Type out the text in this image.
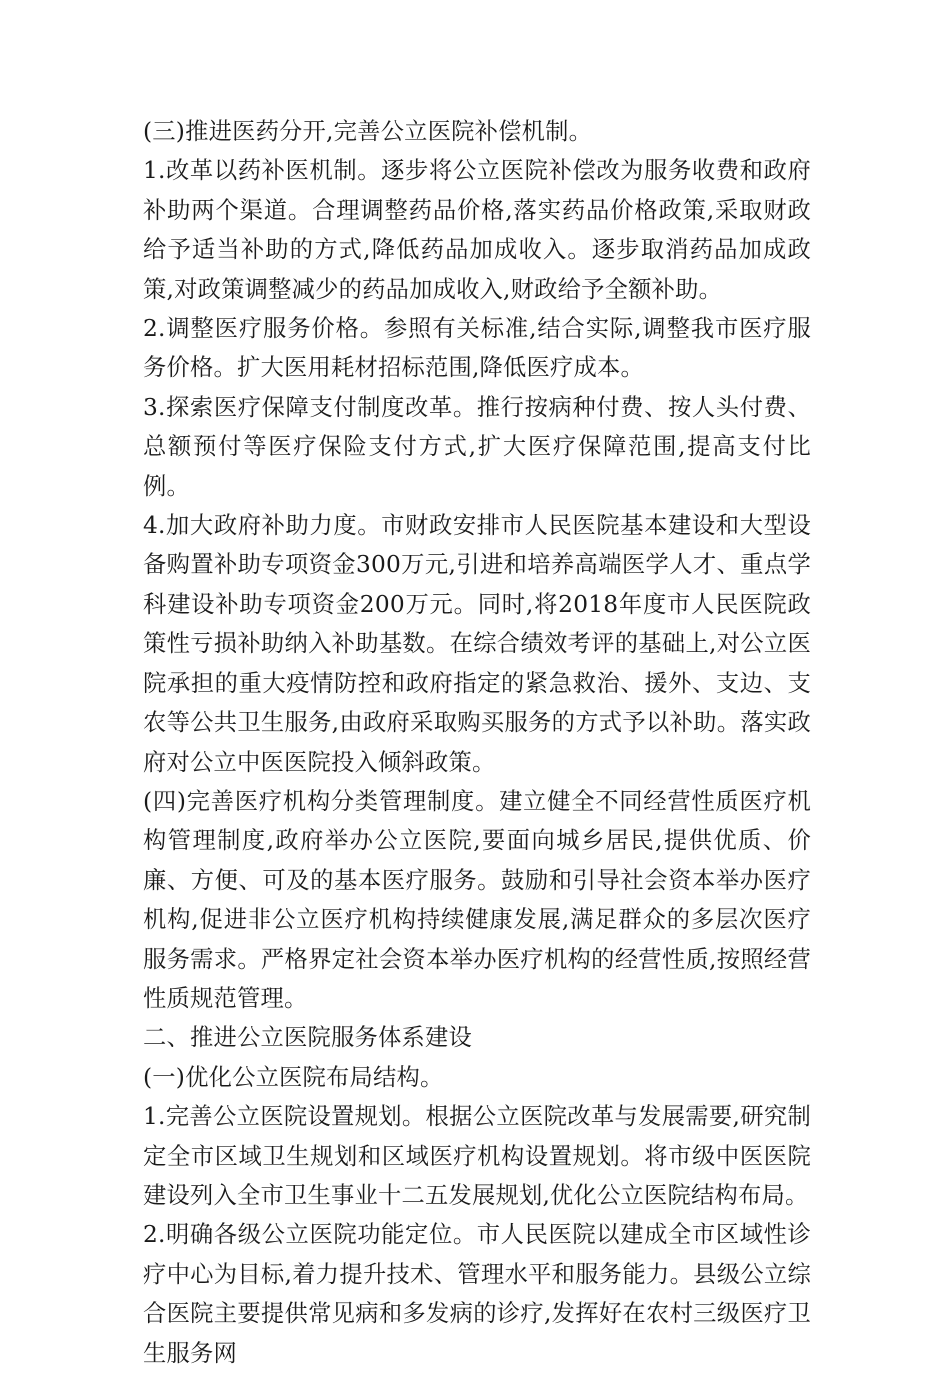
(三)推进医药分开,完善公立医院补偿机制。

1.改革以药补医机制。逐步将公立医院补偿改为服务收费和政府补助两个渠道。合理调整药品价格,落实药品价格政策,采取财政给予适当补助的方式,降低药品加成收入。逐步取消药品加成政策,对政策调整减少的药品加成收入,财政给予全额补助。

2.调整医疗服务价格。参照有关标准,结合实际,调整我市医疗服务价格。扩大医用耗材招标范围,降低医疗成本。

3.探索医疗保障支付制度改革。推行按病种付费、按人头付费、总额预付等医疗保险支付方式,扩大医疗保障范围,提高支付比例。

4.加大政府补助力度。市财政安排市人民医院基本建设和大型设备购置补助专项资金300万元,引进和培养高端医学人才、重点学科建设补助专项资金200万元。同时,将2018年度市人民医院政策性亏损补助纳入补助基数。在综合绩效考评的基础上,对公立医院承担的重大疫情防控和政府指定的紧急救治、援外、支边、支农等公共卫生服务,由政府采取购买服务的方式予以补助。落实政府对公立中医医院投入倾斜政策。

(四)完善医疗机构分类管理制度。建立健全不同经营性质医疗机构管理制度,政府举办公立医院,要面向城乡居民,提供优质、价廉、方便、可及的基本医疗服务。鼓励和引导社会资本举办医疗机构,促进非公立医疗机构持续健康发展,满足群众的多层次医疗服务需求。严格界定社会资本举办医疗机构的经营性质,按照经营性质规范管理。

二、推进公立医院服务体系建设

(一)优化公立医院布局结构。

1.完善公立医院设置规划。根据公立医院改革与发展需要,研究制定全市区域卫生规划和区域医疗机构设置规划。将市级中医医院建设列入全市卫生事业十二五发展规划,优化公立医院结构布局。

2.明确各级公立医院功能定位。市人民医院以建成全市区域性诊疗中心为目标,着力提升技术、管理水平和服务能力。县级公立综合医院主要提供常见病和多发病的诊疗,发挥好在农村三级医疗卫生服务网
